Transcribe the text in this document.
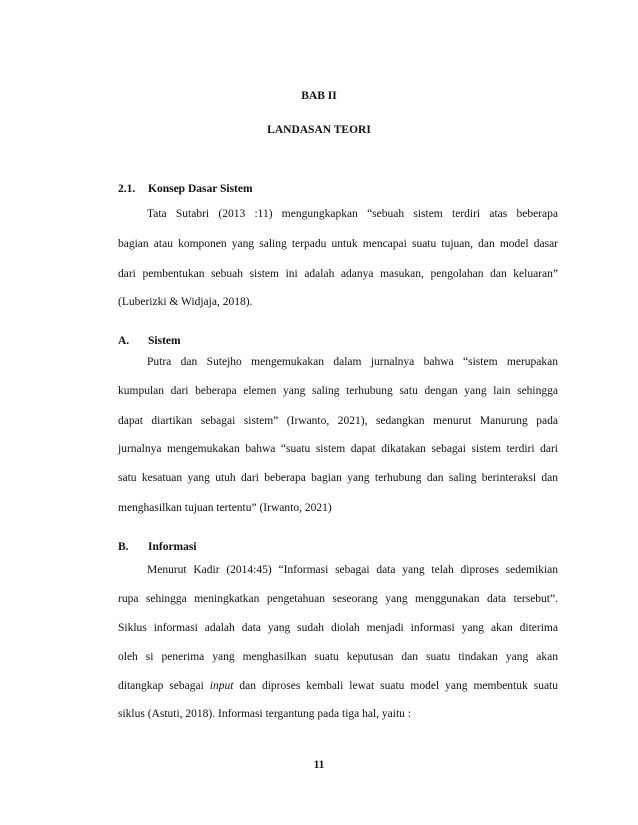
BAB II
LANDASAN TEORI
2.1. Konsep Dasar Sistem
Tata Sutabri (2013 :11) mengungkapkan “sebuah sistem terdiri atas beberapa
bagian atau komponen yang saling terpadu untuk mencapai suatu tujuan, dan model dasar
dari pembentukan sebuah sistem ini adalah adanya masukan, pengolahan dan keluaran”
(Luberizki & Widjaja, 2018).
A. Sistem
Putra dan Sutejho mengemukakan dalam jurnalnya bahwa “sistem merupakan
kumpulan dari beberapa elemen yang saling terhubung satu dengan yang lain sehingga
dapat diartikan sebagai sistem” (Irwanto, 2021), sedangkan menurut Manurung pada
jurnalnya mengemukakan bahwa “suatu sistem dapat dikatakan sebagai sistem terdiri dari
satu kesatuan yang utuh dari beberapa bagian yang terhubung dan saling berinteraksi dan
menghasilkan tujuan tertentu” (Irwanto, 2021)
B. Informasi
Menurut Kadir (2014:45) “Informasi sebagai data yang telah diproses sedemikian
rupa sehingga meningkatkan pengetahuan seseorang yang menggunakan data tersebut”.
Siklus informasi adalah data yang sudah diolah menjadi informasi yang akan diterima
oleh si penerima yang menghasilkan suatu keputusan dan suatu tindakan yang akan
ditangkap sebagai input dan diproses kembali lewat suatu model yang membentuk suatu
siklus (Astuti, 2018). Informasi tergantung pada tiga hal, yaitu :
11
